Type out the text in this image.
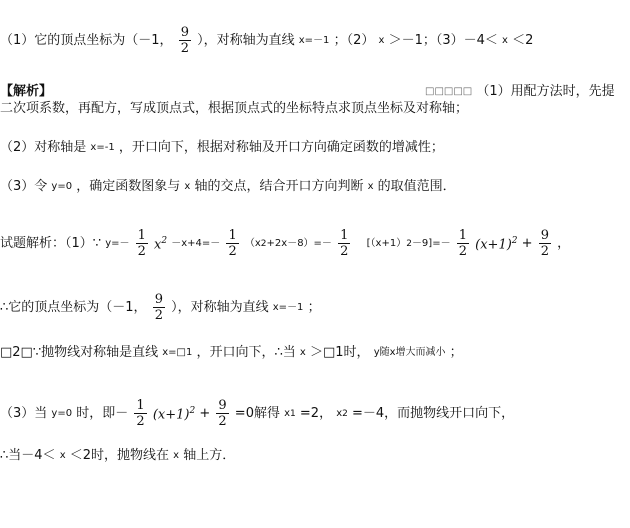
（1）它的顶点坐标为（－1， $\frac{9}{2}$ ），对称轴为直线 x=－1 ；（2） x ＞－1；（3）－4＜ x ＜2
【解析】	□□□□□ （1）用配方法时，先提
二次项系数，再配方，写成顶点式，根据顶点式的坐标特点求顶点坐标及对称轴；
（2）对称轴是 x=-1 ，开口向下，根据对称轴及开口方向确定函数的增减性；
（3）令 y=0 ，确定函数图象与 x 轴的交点，结合开口方向判断 x 的取值范围．
试题解析：（1）∵ $y=- \frac{1}{2} x^2 -x+4=- \frac{1}{2} (x2+2x-8)=- \frac{1}{2} [(x+1)2-9]=- \frac{1}{2} (x+1)^2 + \frac{9}{2}$ ，
∴它的顶点坐标为（－1， $\frac{9}{2}$ ），对称轴为直线 x=－1 ；
□2□∵抛物线对称轴是直线 x=□1 ，开口向下，∴当 x ＞□1时， y随x增大而减小 ；
（3）当 y=0 时，即－ $\frac{1}{2} (x+1)^2 + \frac{9}{2} =0$解得 x1 =2， x2 =－4，而抛物线开口向下，
∴当－4＜ x ＜2时，抛物线在 x 轴上方．
